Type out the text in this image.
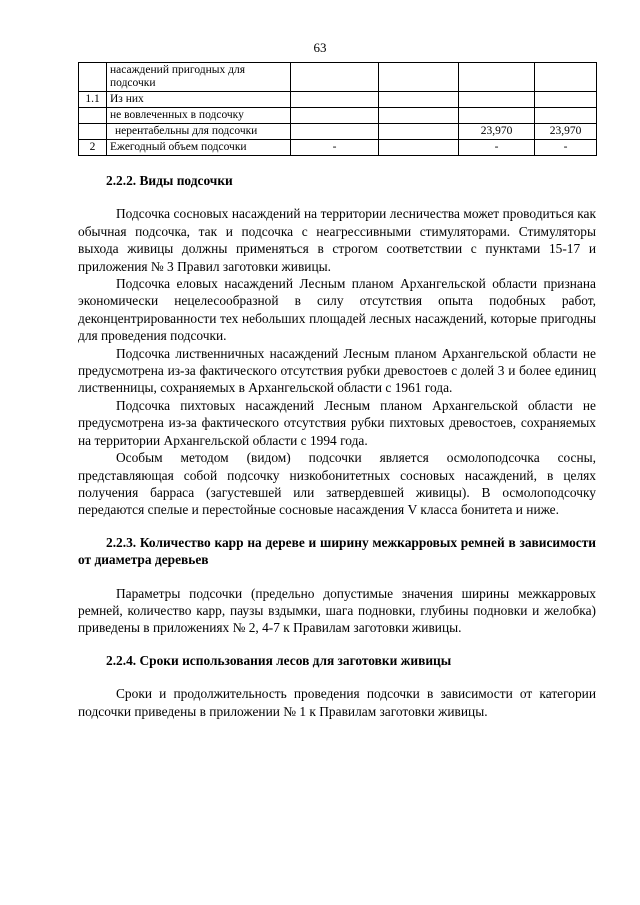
63
	насаждений пригодных для подсочки				
1.1	Из них				
	не вовлеченных в подсочку				
	нерентабельны для подсочки			23,970	23,970
2	Ежегодный объем подсочки	-		-	-
2.2.2. Виды подсочки

Подсочка сосновых насаждений на территории лесничества может проводиться как обычная подсочка, так и подсочка с неагрессивными стимуляторами. Стимуляторы выхода живицы должны применяться в строгом соответствии с пунктами 15-17 и приложения № 3 Правил заготовки живицы.

Подсочка еловых насаждений Лесным планом Архангельской области признана экономически нецелесообразной в силу отсутствия опыта подобных работ, деконцентрированности тех небольших площадей лесных насаждений, которые пригодны для проведения подсочки.

Подсочка лиственничных насаждений Лесным планом Архангельской области не предусмотрена из-за фактического отсутствия рубки древостоев с долей 3 и более единиц лиственницы, сохраняемых в Архангельской области с 1961 года.

Подсочка пихтовых насаждений Лесным планом Архангельской области не предусмотрена из-за фактического отсутствия рубки пихтовых древостоев, сохраняемых на территории Архангельской области с 1994 года.

Особым методом (видом) подсочки является осмолоподсочка сосны, представляющая собой подсочку низкобонитетных сосновых насаждений, в целях получения барраса (загустевшей или затвердевшей живицы). В осмолоподсочку передаются спелые и перестойные сосновые насаждения V класса бонитета и ниже.

2.2.3. Количество карр на дереве и ширину межкарровых ремней в зависимости от диаметра деревьев

Параметры подсочки (предельно допустимые значения ширины межкарровых ремней, количество карр, паузы вздымки, шага подновки, глубины подновки и желобка) приведены в приложениях № 2, 4-7 к Правилам заготовки живицы.

2.2.4. Сроки использования лесов для заготовки живицы

Сроки и продолжительность проведения подсочки в зависимости от категории подсочки приведены в приложении № 1 к Правилам заготовки живицы.
